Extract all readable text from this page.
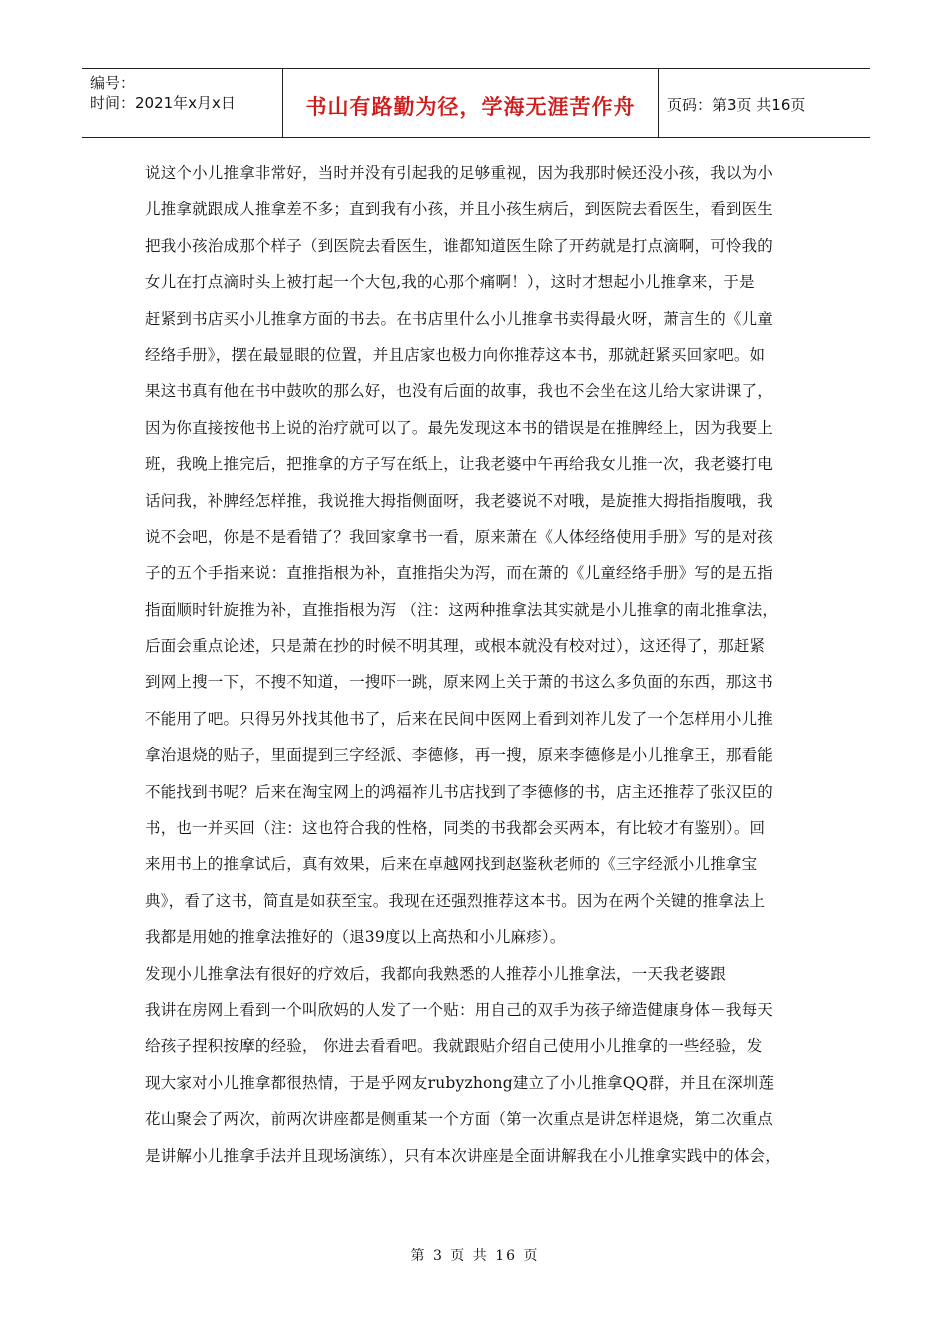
编号：
时间：2021年x月x日	书山有路勤为径，学海无涯苦作舟	页码：第3页 共16页
说这个小儿推拿非常好，当时并没有引起我的足够重视，因为我那时候还没小孩，我以为小
儿推拿就跟成人推拿差不多；直到我有小孩，并且小孩生病后，到医院去看医生，看到医生
把我小孩治成那个样子（到医院去看医生，谁都知道医生除了开药就是打点滴啊，可怜我的
女儿在打点滴时头上被打起一个大包,我的心那个痛啊！），这时才想起小儿推拿来，于是
赶紧到书店买小儿推拿方面的书去。在书店里什么小儿推拿书卖得最火呀，萧言生的《儿童
经络手册》，摆在最显眼的位置，并且店家也极力向你推荐这本书，那就赶紧买回家吧。如
果这书真有他在书中鼓吹的那么好，也没有后面的故事，我也不会坐在这儿给大家讲课了，
因为你直接按他书上说的治疗就可以了。最先发现这本书的错误是在推脾经上，因为我要上
班，我晚上推完后，把推拿的方子写在纸上，让我老婆中午再给我女儿推一次，我老婆打电
话问我，补脾经怎样推，我说推大拇指侧面呀，我老婆说不对哦，是旋推大拇指指腹哦，我
说不会吧，你是不是看错了？我回家拿书一看，原来萧在《人体经络使用手册》写的是对孩
子的五个手指来说：直推指根为补，直推指尖为泻，而在萧的《儿童经络手册》写的是五指
指面顺时针旋推为补，直推指根为泻 （注：这两种推拿法其实就是小儿推拿的南北推拿法，
后面会重点论述，只是萧在抄的时候不明其理，或根本就没有校对过），这还得了，那赶紧
到网上搜一下，不搜不知道，一搜吓一跳，原来网上关于萧的书这么多负面的东西，那这书
不能用了吧。只得另外找其他书了，后来在民间中医网上看到刘祚儿发了一个怎样用小儿推
拿治退烧的贴子，里面提到三字经派、李德修，再一搜，原来李德修是小儿推拿王，那看能
不能找到书呢？后来在淘宝网上的鸿福祚儿书店找到了李德修的书，店主还推荐了张汉臣的
书，也一并买回（注：这也符合我的性格，同类的书我都会买两本，有比较才有鉴别）。回
来用书上的推拿试后，真有效果，后来在卓越网找到赵鉴秋老师的《三字经派小儿推拿宝
典》，看了这书，简直是如获至宝。我现在还强烈推荐这本书。因为在两个关键的推拿法上
我都是用她的推拿法推好的（退39度以上高热和小儿麻疹）。
发现小儿推拿法有很好的疗效后，我都向我熟悉的人推荐小儿推拿法，一天我老婆跟
我讲在房网上看到一个叫欣妈的人发了一个贴：用自己的双手为孩子缔造健康身体－我每天
给孩子捏积按摩的经验， 你进去看看吧。我就跟贴介绍自己使用小儿推拿的一些经验，发
现大家对小儿推拿都很热情，于是乎网友rubyzhong建立了小儿推拿QQ群，并且在深圳莲
花山聚会了两次，前两次讲座都是侧重某一个方面（第一次重点是讲怎样退烧，第二次重点
是讲解小儿推拿手法并且现场演练），只有本次讲座是全面讲解我在小儿推拿实践中的体会，
第 3 页 共 16 页
